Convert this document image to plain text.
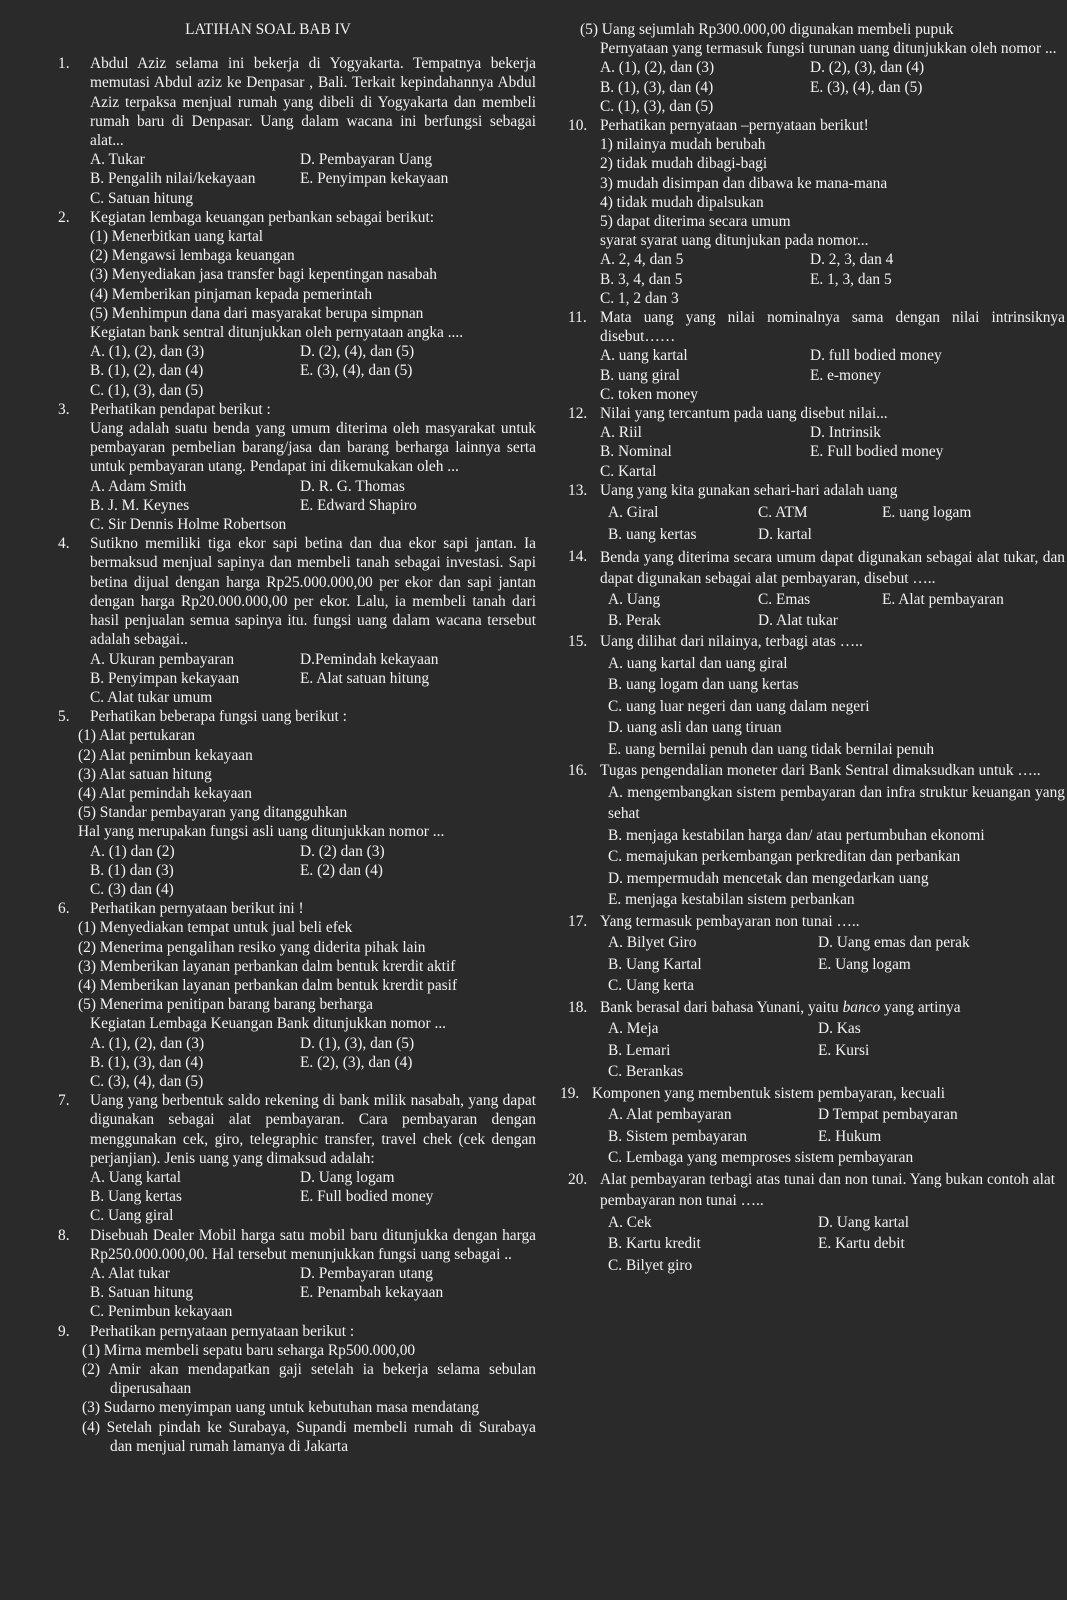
LATIHAN SOAL BAB IV
1. Abdul Aziz selama ini bekerja di Yogyakarta. Tempatnya bekerja memutasi Abdul aziz ke Denpasar , Bali. Terkait kepindahannya Abdul Aziz terpaksa menjual rumah yang dibeli di Yogyakarta dan membeli rumah baru di Denpasar. Uang dalam wacana ini berfungsi sebagai alat...
A. Tukar	D. Pembayaran Uang
B. Pengalih nilai/kekayaan	E. Penyimpan kekayaan
C. Satuan hitung
2. Kegiatan lembaga keuangan perbankan sebagai berikut:
(1) Menerbitkan uang kartal
(2) Mengawsi lembaga keuangan
(3) Menyediakan jasa transfer bagi kepentingan nasabah
(4) Memberikan pinjaman kepada pemerintah
(5) Menhimpun dana dari masyarakat berupa simpnan
Kegiatan bank sentral ditunjukkan oleh pernyataan angka ....
A. (1), (2), dan (3)	D. (2), (4), dan (5)
B. (1), (2), dan (4)	E. (3), (4), dan (5)
C. (1), (3), dan (5)
3. Perhatikan pendapat berikut :
Uang adalah suatu benda yang umum diterima oleh masyarakat untuk pembayaran pembelian barang/jasa dan barang berharga lainnya serta untuk pembayaran utang. Pendapat ini dikemukakan oleh ...
A. Adam Smith	D. R. G. Thomas
B. J. M. Keynes	E. Edward Shapiro
C. Sir Dennis Holme Robertson
4. Sutikno memiliki tiga ekor sapi betina dan dua ekor sapi jantan. Ia bermaksud menjual sapinya dan membeli tanah sebagai investasi. Sapi betina dijual dengan harga Rp25.000.000,00 per ekor dan sapi jantan dengan harga Rp20.000.000,00 per ekor. Lalu, ia membeli tanah dari hasil penjualan semua sapinya itu. fungsi uang dalam wacana tersebut adalah sebagai..
A. Ukuran pembayaran	D.Pemindah kekayaan
B. Penyimpan kekayaan	E. Alat satuan hitung
C. Alat tukar umum
5. Perhatikan beberapa fungsi uang berikut :
(1) Alat pertukaran
(2) Alat penimbun kekayaan
(3) Alat satuan hitung
(4) Alat pemindah kekayaan
(5) Standar pembayaran yang ditangguhkan
Hal yang merupakan fungsi asli uang ditunjukkan nomor ...
A. (1) dan (2)	D. (2) dan (3)
B. (1) dan (3)	E. (2) dan (4)
C. (3) dan (4)
6. Perhatikan pernyataan berikut ini !
(1) Menyediakan tempat untuk jual beli efek
(2) Menerima pengalihan resiko yang diderita pihak lain
(3) Memberikan layanan perbankan dalm bentuk krerdit aktif
(4) Memberikan layanan perbankan dalm bentuk krerdit pasif
(5) Menerima penitipan barang barang berharga
Kegiatan Lembaga Keuangan Bank ditunjukkan nomor ...
A. (1), (2), dan (3)	D. (1), (3), dan (5)
B. (1), (3), dan (4)	E. (2), (3), dan (4)
C. (3), (4), dan (5)
7. Uang yang berbentuk saldo rekening di bank milik nasabah, yang dapat digunakan sebagai alat pembayaran. Cara pembayaran dengan menggunakan cek, giro, telegraphic transfer, travel chek (cek dengan perjanjian). Jenis uang yang dimaksud adalah:
A. Uang kartal	D. Uang logam
B. Uang kertas	E. Full bodied money
C. Uang giral
8. Disebuah Dealer Mobil harga satu mobil baru ditunjukka dengan harga Rp250.000.000,00. Hal tersebut menunjukkan fungsi uang sebagai ..
A. Alat tukar	D. Pembayaran utang
B. Satuan hitung	E. Penambah kekayaan
C. Penimbun kekayaan
9. Perhatikan pernyataan pernyataan berikut :
(1) Mirna membeli sepatu baru seharga Rp500.000,00
(2) Amir akan mendapatkan gaji setelah ia bekerja selama sebulan diperusahaan
(3) Sudarno menyimpan uang untuk kebutuhan masa mendatang
(4) Setelah pindah ke Surabaya, Supandi membeli rumah di Surabaya dan menjual rumah lamanya di Jakarta
(5) Uang sejumlah Rp300.000,00 digunakan membeli pupuk
Pernyataan yang termasuk fungsi turunan uang ditunjukkan oleh nomor ...
A. (1), (2), dan (3)	D. (2), (3), dan (4)
B. (1), (3), dan (4)	E. (3), (4), dan (5)
C. (1), (3), dan (5)
10. Perhatikan pernyataan –pernyataan berikut!
1) nilainya mudah berubah
2) tidak mudah dibagi-bagi
3) mudah disimpan dan dibawa ke mana-mana
4) tidak mudah dipalsukan
5) dapat diterima secara umum
syarat syarat uang ditunjukan pada nomor...
A. 2, 4, dan 5	D. 2, 3, dan 4
B. 3, 4, dan 5	E. 1, 3, dan 5
C. 1, 2 dan 3
11. Mata uang yang nilai nominalnya sama dengan nilai intrinsiknya disebut……
A. uang kartal	D. full bodied money
B. uang giral	E. e-money
C. token money
12. Nilai yang tercantum pada uang disebut nilai...
A. Riil	D. Intrinsik
B. Nominal	E. Full bodied money
C. Kartal
13. Uang yang kita gunakan sehari-hari adalah uang
A. Giral	C. ATM	E. uang logam
B. uang kertas	D. kartal
14. Benda yang diterima secara umum dapat digunakan sebagai alat tukar, dan dapat digunakan sebagai alat pembayaran, disebut …..
A. Uang	C. Emas	E. Alat pembayaran
B. Perak	D. Alat tukar
15. Uang dilihat dari nilainya, terbagi atas …..
A. uang kartal dan uang giral
B. uang logam dan uang kertas
C. uang luar negeri dan uang dalam negeri
D. uang asli dan uang tiruan
E. uang bernilai penuh dan uang tidak bernilai penuh
16. Tugas pengendalian moneter dari Bank Sentral dimaksudkan untuk …..
A. mengembangkan sistem pembayaran dan infra struktur keuangan yang sehat
B. menjaga kestabilan harga dan/ atau pertumbuhan ekonomi
C. memajukan perkembangan perkreditan dan perbankan
D. mempermudah mencetak dan mengedarkan uang
E. menjaga kestabilan sistem perbankan
17. Yang termasuk pembayaran non tunai …..
A. Bilyet Giro	D. Uang emas dan perak
B. Uang Kartal	E. Uang logam
C. Uang kerta
18. Bank berasal dari bahasa Yunani, yaitu banco yang artinya
A. Meja	D. Kas
B. Lemari	E. Kursi
C. Berankas
19. Komponen yang membentuk sistem pembayaran, kecuali
A. Alat pembayaran	D Tempat pembayaran
B. Sistem pembayaran	E. Hukum
C. Lembaga yang memproses sistem pembayaran
20. Alat pembayaran terbagi atas tunai dan non tunai. Yang bukan contoh alat pembayaran non tunai …..
A. Cek	D. Uang kartal
B. Kartu kredit	E. Kartu debit
C. Bilyet giro
